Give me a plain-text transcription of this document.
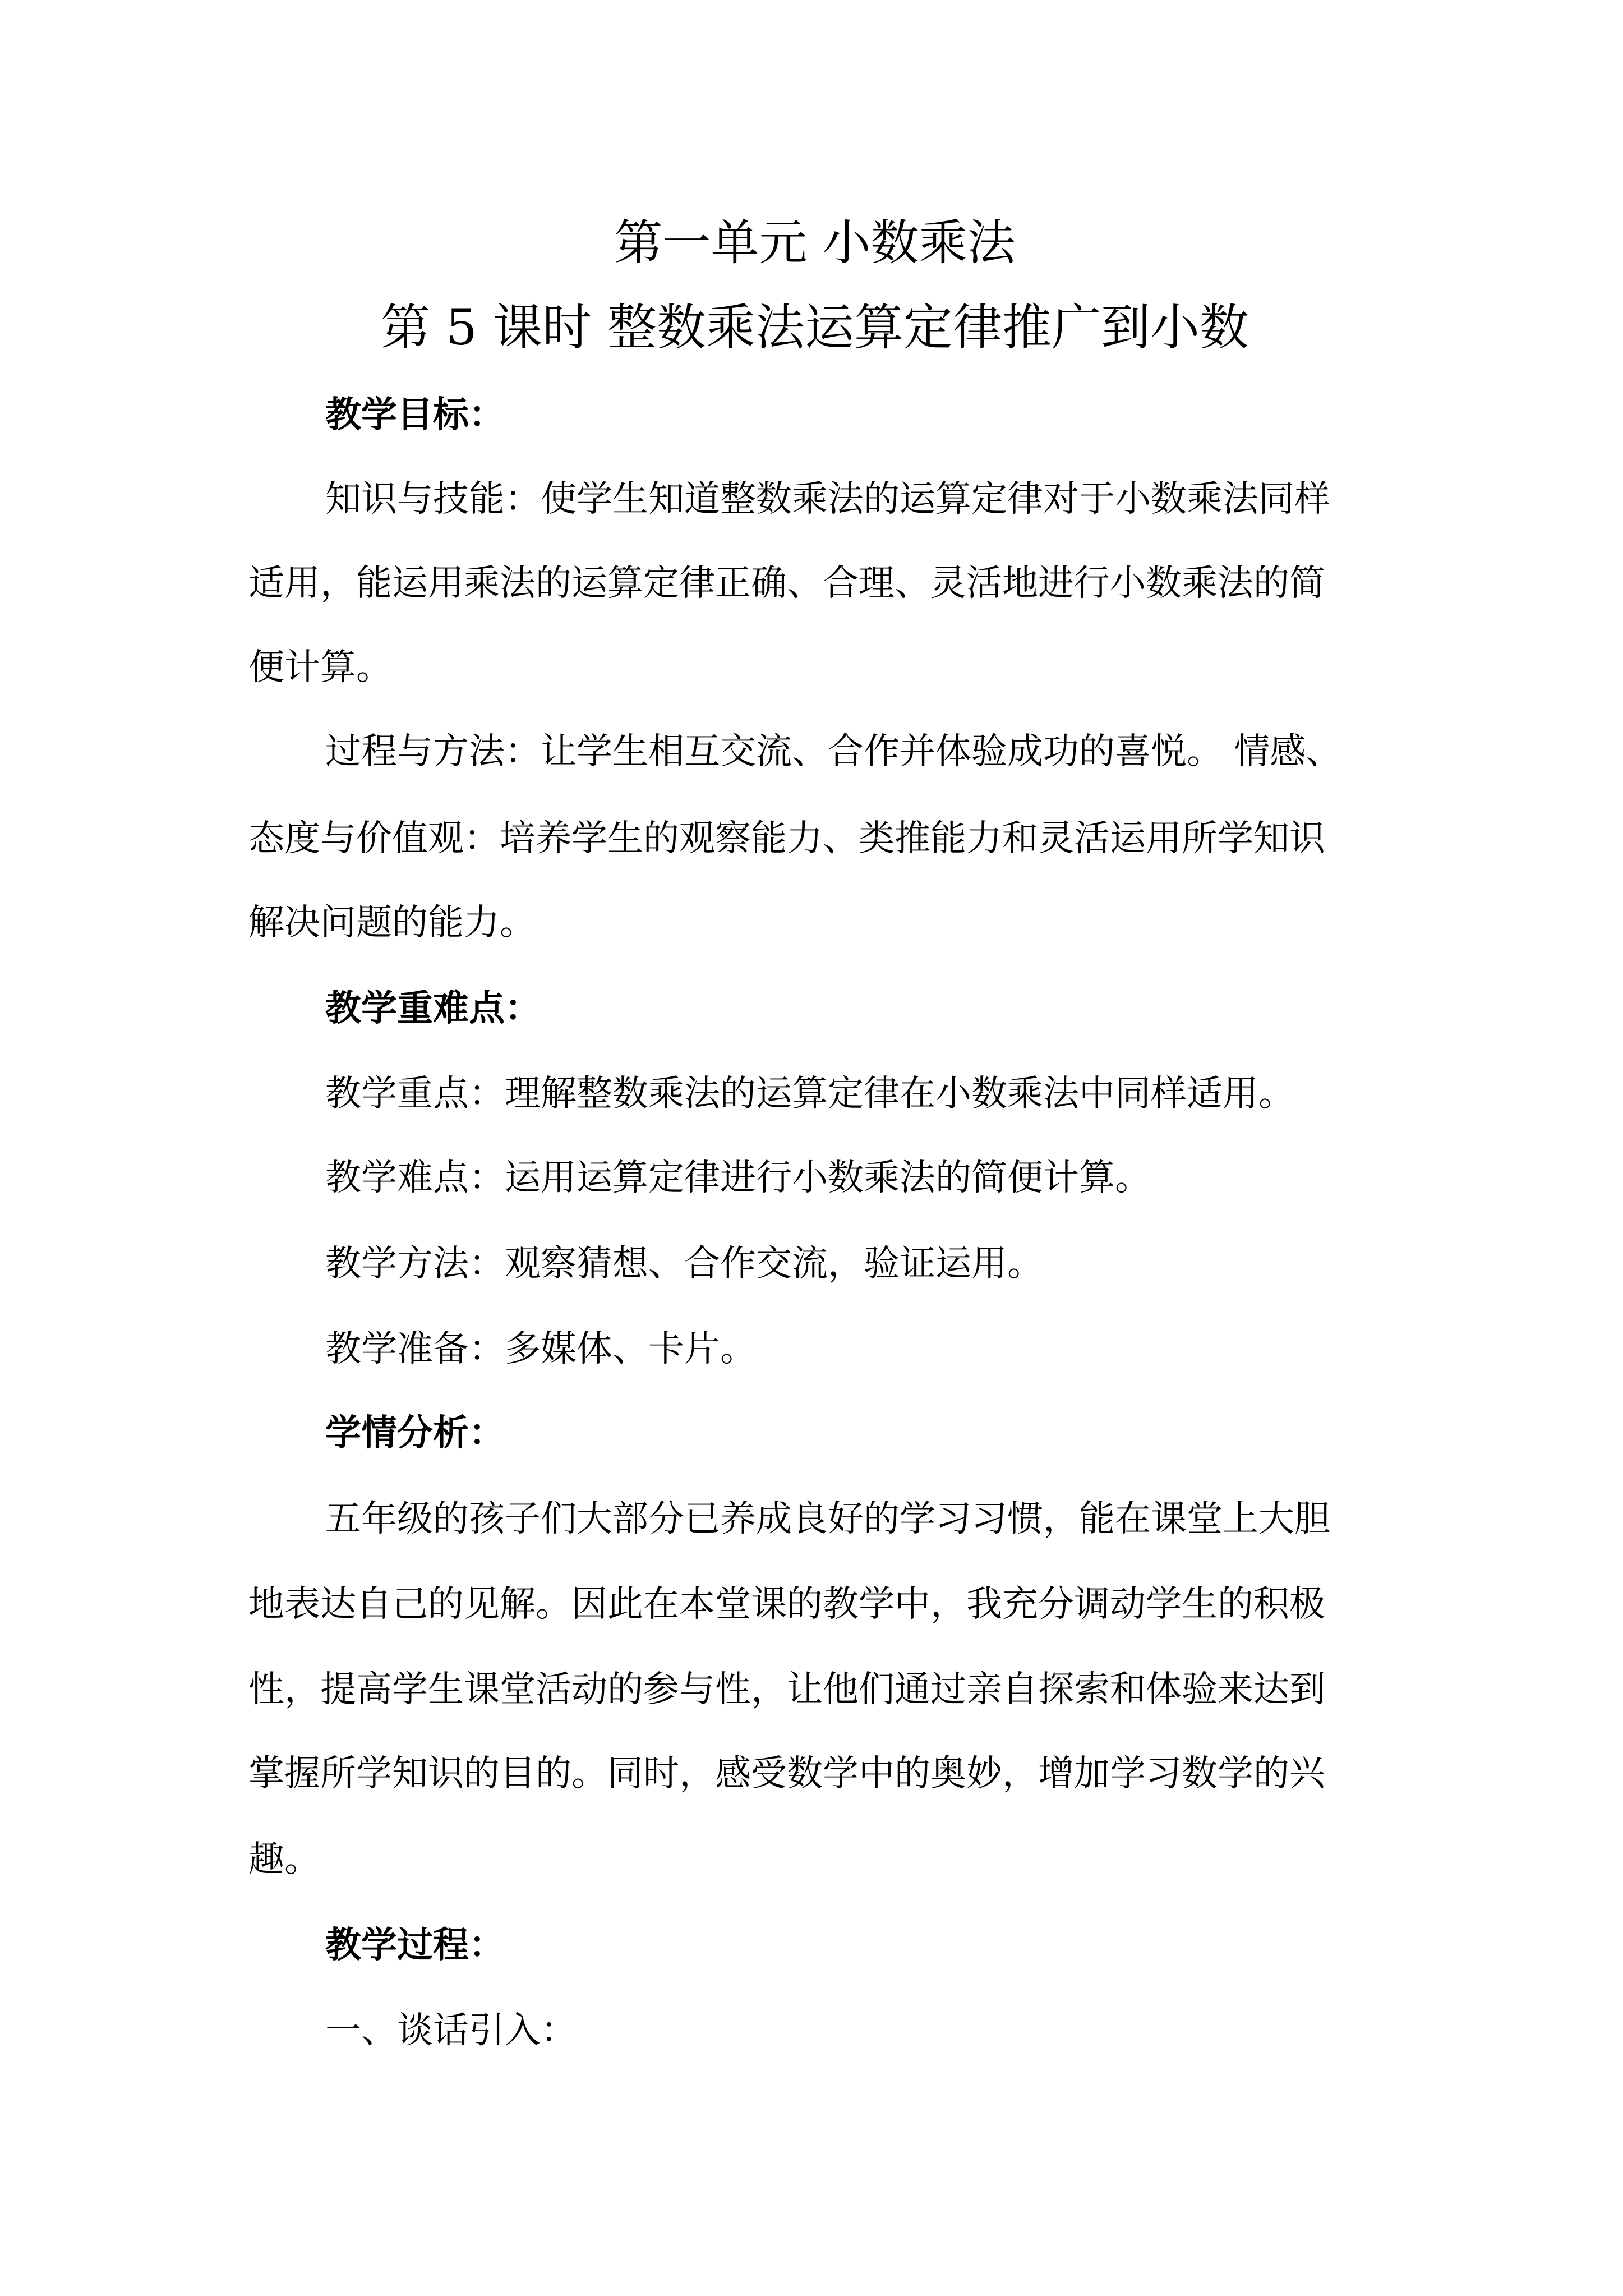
第一单元 小数乘法
第 5 课时 整数乘法运算定律推广到小数
教学目标：
知识与技能：使学生知道整数乘法的运算定律对于小数乘法同样
适用，能运用乘法的运算定律正确、合理、灵活地进行小数乘法的简
便计算。
过程与方法：让学生相互交流、合作并体验成功的喜悦。 情感、
态度与价值观：培养学生的观察能力、类推能力和灵活运用所学知识
解决问题的能力。
教学重难点：
教学重点：理解整数乘法的运算定律在小数乘法中同样适用。
教学难点：运用运算定律进行小数乘法的简便计算。
教学方法：观察猜想、合作交流，验证运用。
教学准备：多媒体、卡片。
学情分析：
五年级的孩子们大部分已养成良好的学习习惯，能在课堂上大胆
地表达自己的见解。因此在本堂课的教学中，我充分调动学生的积极
性，提高学生课堂活动的参与性，让他们通过亲自探索和体验来达到
掌握所学知识的目的。同时，感受数学中的奥妙，增加学习数学的兴
趣。
教学过程：
一、谈话引入：
